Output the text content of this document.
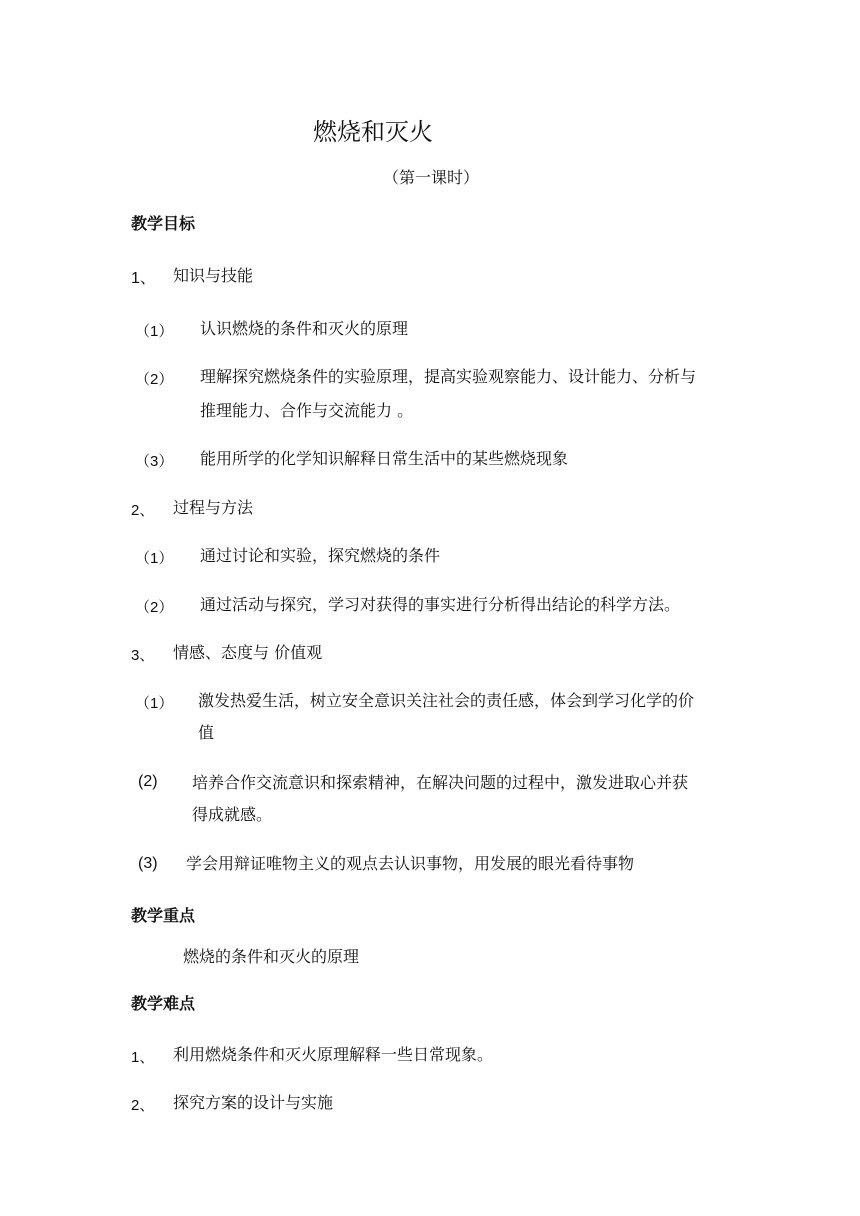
燃烧和灭火
（第一课时）
教学目标
1、 知识与技能
（1） 认识燃烧的条件和灭火的原理
（2） 理解探究燃烧条件的实验原理，提高实验观察能力、设计能力、分析与
推理能力、合作与交流能力 。
（3） 能用所学的化学知识解释日常生活中的某些燃烧现象
2、 过程与方法
（1） 通过讨论和实验，探究燃烧的条件
（2） 通过活动与探究，学习对获得的事实进行分析得出结论的科学方法。
3、 情感、态度与 价值观
（1） 激发热爱生活，树立安全意识关注社会的责任感，体会到学习化学的价
值
(2) 培养合作交流意识和探索精神，在解决问题的过程中，激发进取心并获
得成就感。
(3) 学会用辩证唯物主义的观点去认识事物，用发展的眼光看待事物
教学重点
燃烧的条件和灭火的原理
教学难点
1、 利用燃烧条件和灭火原理解释一些日常现象。
2、 探究方案的设计与实施
